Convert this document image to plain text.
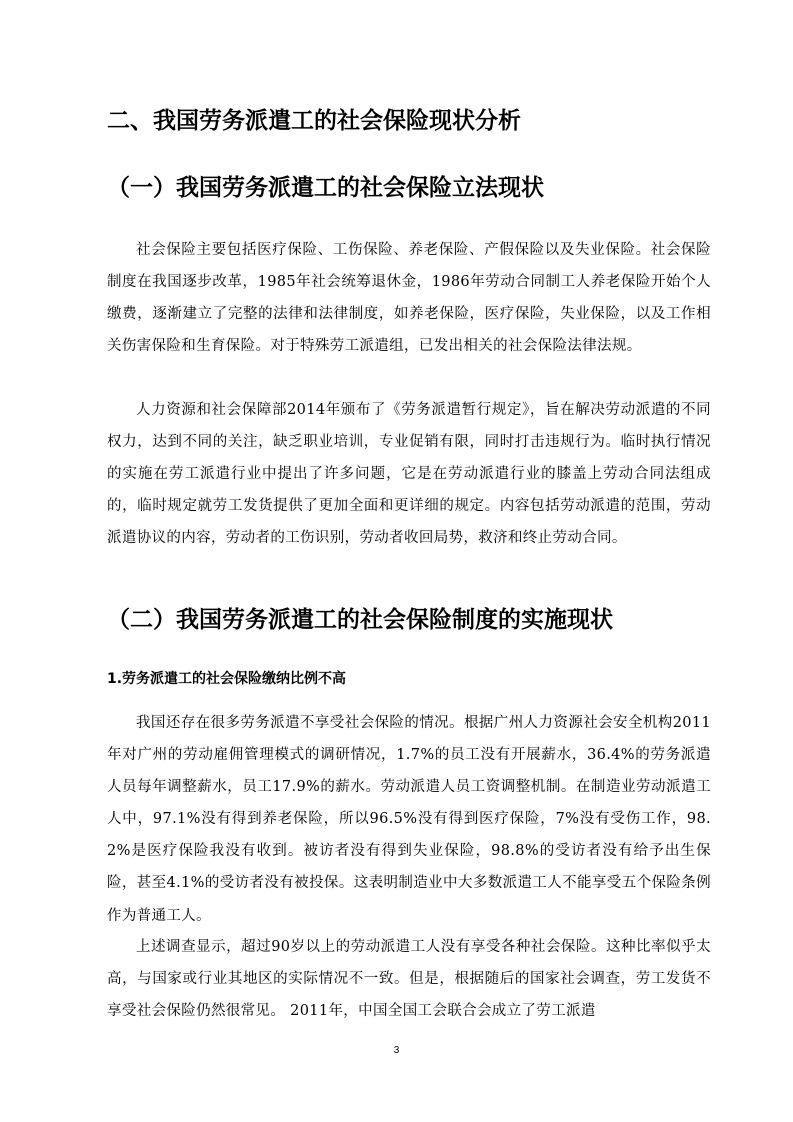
二、我国劳务派遣工的社会保险现状分析
（一）我国劳务派遣工的社会保险立法现状

社会保险主要包括医疗保险、工伤保险、养老保险、产假保险以及失业保险。社会保险制度在我国逐步改革，1985年社会统筹退休金，1986年劳动合同制工人养老保险开始个人缴费，逐渐建立了完整的法律和法律制度，如养老保险，医疗保险，失业保险，以及工作相关伤害保险和生育保险。对于特殊劳工派遣组，已发出相关的社会保险法律法规。

人力资源和社会保障部2014年颁布了《劳务派遣暂行规定》，旨在解决劳动派遣的不同权力，达到不同的关注，缺乏职业培训，专业促销有限，同时打击违规行为。临时执行情况的实施在劳工派遣行业中提出了许多问题，它是在劳动派遣行业的膝盖上劳动合同法组成的，临时规定就劳工发货提供了更加全面和更详细的规定。内容包括劳动派遣的范围，劳动派遣协议的内容，劳动者的工伤识别，劳动者收回局势，救济和终止劳动合同。

（二）我国劳务派遣工的社会保险制度的实施现状
1.劳务派遣工的社会保险缴纳比例不高

我国还存在很多劳务派遣不享受社会保险的情况。根据广州人力资源社会安全机构2011年对广州的劳动雇佣管理模式的调研情况，1.7%的员工没有开展薪水，36.4%的劳务派遣人员每年调整薪水，员工17.9%的薪水。劳动派遣人员工资调整机制。在制造业劳动派遣工人中，97.1%没有得到养老保险，所以96.5%没有得到医疗保险，7%没有受伤工作，98.2%是医疗保险我没有收到。被访者没有得到失业保险，98.8%的受访者没有给予出生保险，甚至4.1%的受访者没有被投保。这表明制造业中大多数派遣工人不能享受五个保险条例作为普通工人。

上述调查显示，超过90岁以上的劳动派遣工人没有享受各种社会保险。这种比率似乎太高，与国家或行业其地区的实际情况不一致。但是，根据随后的国家社会调查，劳工发货不享受社会保险仍然很常见。 2011年，中国全国工会联合会成立了劳工派遣

3
